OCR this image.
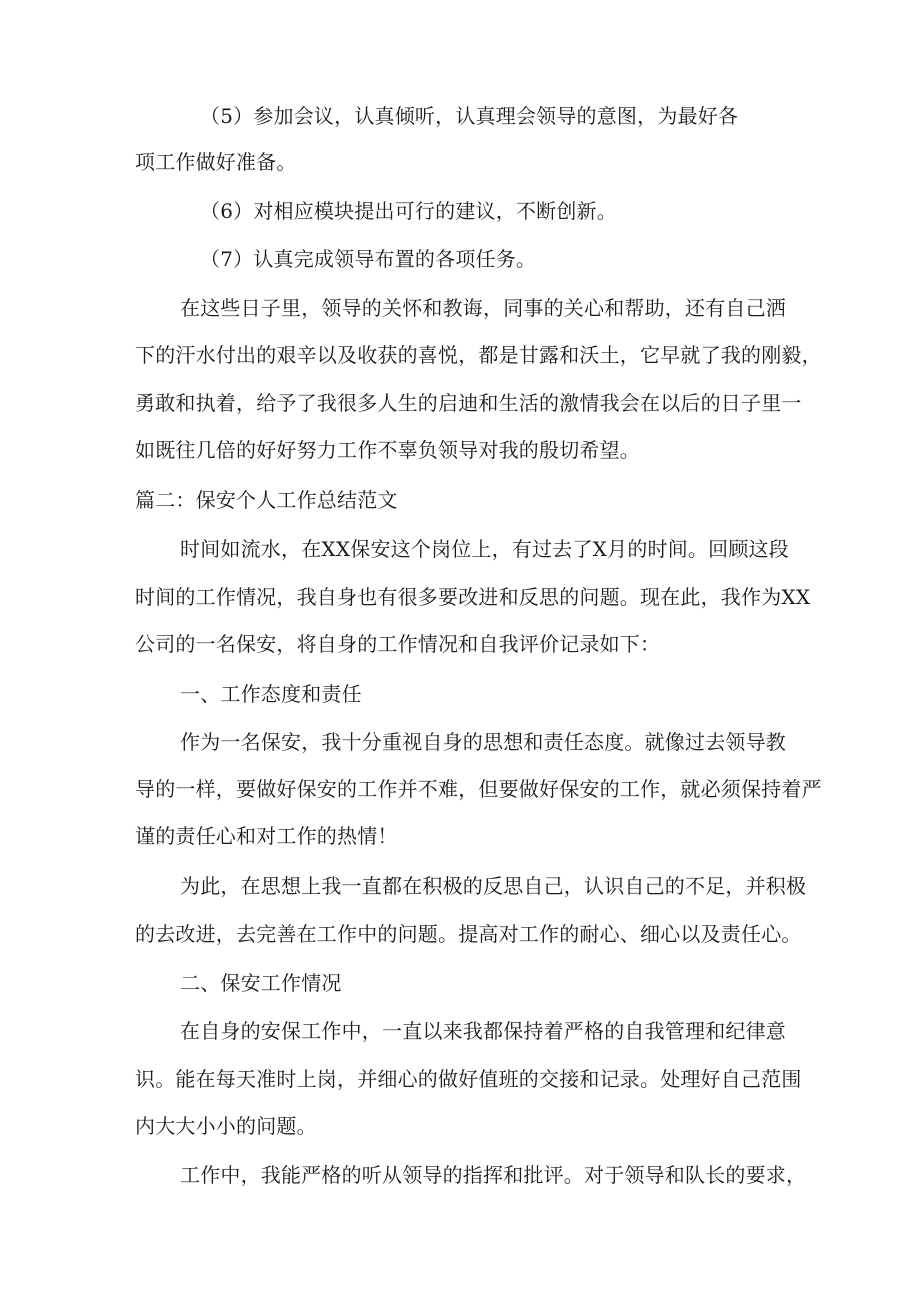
（5）参加会议，认真倾听，认真理会领导的意图，为最好各
项工作做好准备。
（6）对相应模块提出可行的建议，不断创新。
（7）认真完成领导布置的各项任务。
在这些日子里，领导的关怀和教诲，同事的关心和帮助，还有自己洒
下的汗水付出的艰辛以及收获的喜悦，都是甘露和沃土，它早就了我的刚毅，
勇敢和执着，给予了我很多人生的启迪和生活的激情我会在以后的日子里一
如既往几倍的好好努力工作不辜负领导对我的殷切希望。
篇二：保安个人工作总结范文
时间如流水，在XX保安这个岗位上，有过去了X月的时间。回顾这段
时间的工作情况，我自身也有很多要改进和反思的问题。现在此，我作为XX
公司的一名保安，将自身的工作情况和自我评价记录如下：
一、工作态度和责任
作为一名保安，我十分重视自身的思想和责任态度。就像过去领导教
导的一样，要做好保安的工作并不难，但要做好保安的工作，就必须保持着严
谨的责任心和对工作的热情！
为此，在思想上我一直都在积极的反思自己，认识自己的不足，并积极
的去改进，去完善在工作中的问题。提高对工作的耐心、细心以及责任心。
二、保安工作情况
在自身的安保工作中，一直以来我都保持着严格的自我管理和纪律意
识。能在每天准时上岗，并细心的做好值班的交接和记录。处理好自己范围
内大大小小的问题。
工作中，我能严格的听从领导的指挥和批评。对于领导和队长的要求，
